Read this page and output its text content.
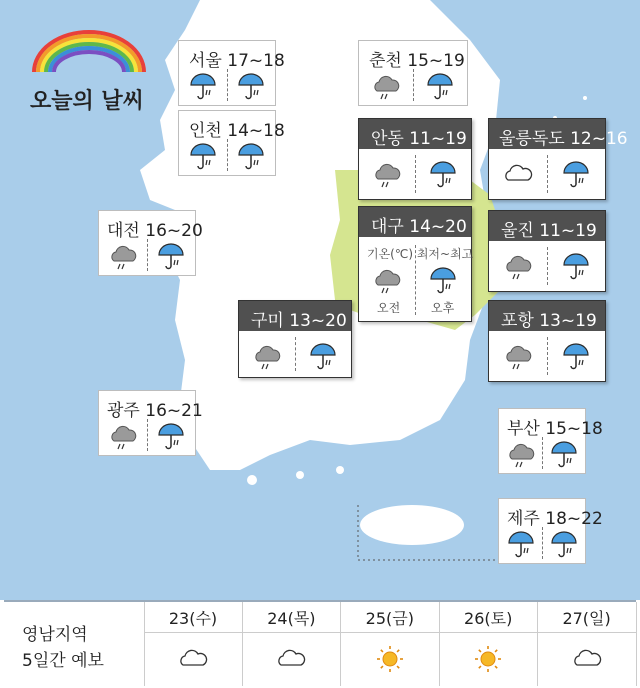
오늘의 날씨
서울 17~18	춘천 15~19
인천 14~18	안동 11~19 울릉독도 12~16
대전 16~20	대구 14~20
기온(℃) 최저~최고
오전	오후
울진 11~19
구미 13~20	포항 13~19
광주 16~21
부산 15~18
제주 18~22
영남지역
5일간 예보
23(수)	24(목)	25(금)	26(토)	27(일)
